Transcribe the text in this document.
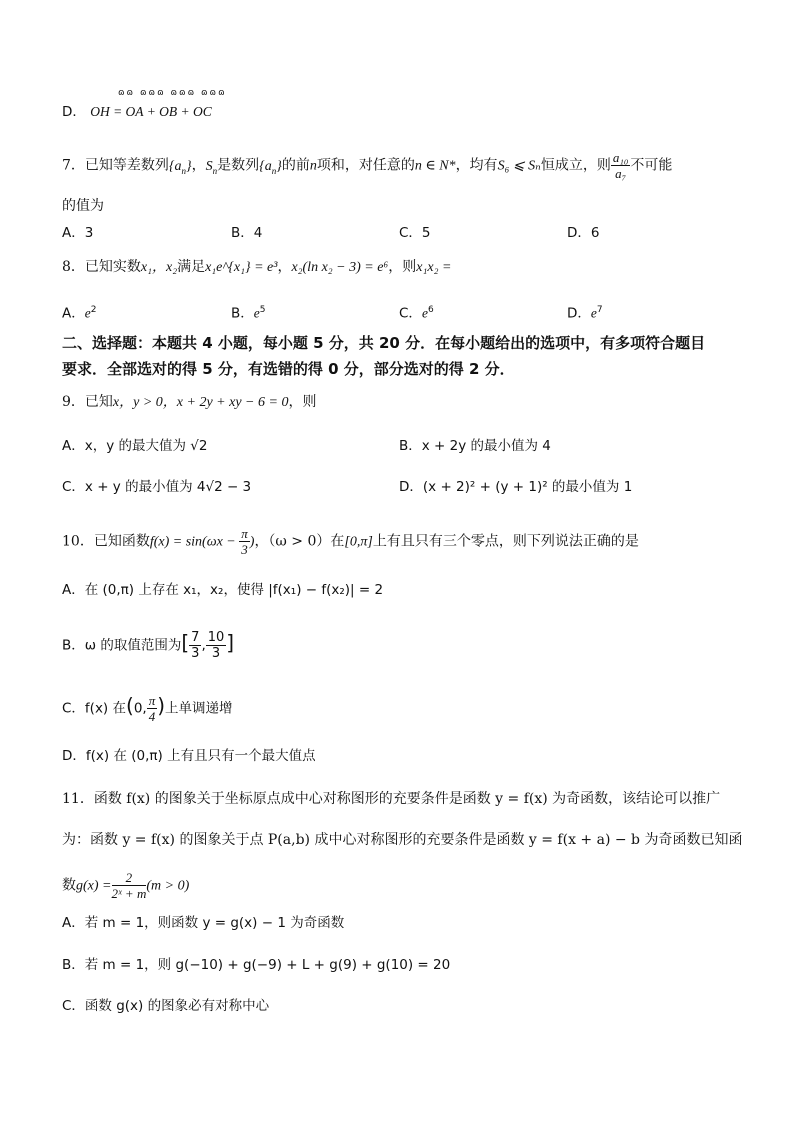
ɷɷ ɷɷɷ ɷɷɷ ɷɷɷ
D． OH = OA + OB + OC
7．已知等差数列$\{a_n\}$，$S_n$是数列$\{a_n\}$的前n项和，对任意的n ∈ N*，均有S₆ ⩽ Sₙ恒成立，则 $\frac{\text{a₁₀}}{\text{a₇}}$ 不可能
的值为
A．3	B．4	C．5	D．6
8．已知实数x₁，x₂满足x₁e^{x₁} = e³，x₂(ln x₂ − 3) = e⁶，则x₁x₂ =
A．$e^2$	B．$e^5$	C．$e^6$	D．$e^7$
二、选择题：本题共 4 小题，每小题 5 分，共 20 分．在每小题给出的选项中，有多项符合题目
要求．全部选对的得 5 分，有选错的得 0 分，部分选对的得 2 分．
9．已知x，y > 0，x + 2y + xy − 6 = 0，则
A．x，y 的最大值为 √2	B．x + 2y 的最小值为 4
C．x + y 的最小值为 4√2 − 3	D．(x + 2)² + (y + 1)² 的最小值为 1
10．已知函数$f(x) = \sin(\omega x - \frac{\pi}{3}$ )，（ω > 0）在[0,π]上有且只有三个零点，则下列说法正确的是
A．在 (0,π) 上存在 x₁，x₂，使得 |f(x₁) − f(x₂)| = 2
B．ω 的取值范围为[ $\frac{7}{3}$ , $\frac{10}{3}$ ]
C．f(x) 在(0, $\frac{\pi}{4}$ )上单调递增
D．f(x) 在 (0,π) 上有且只有一个最大值点
11．函数 f(x) 的图象关于坐标原点成中心对称图形的充要条件是函数 y = f(x) 为奇函数，该结论可以推广
为：函数 y = f(x) 的图象关于点 P(a,b) 成中心对称图形的充要条件是函数 y = f(x + a) − b 为奇函数已知函
数$g(x) = \frac{2}{\text{2ˣ + m}} (m > 0)$
A．若 m = 1，则函数 y = g(x) − 1 为奇函数
B．若 m = 1，则 g(−10) + g(−9) + L + g(9) + g(10) = 20
C．函数 g(x) 的图象必有对称中心
